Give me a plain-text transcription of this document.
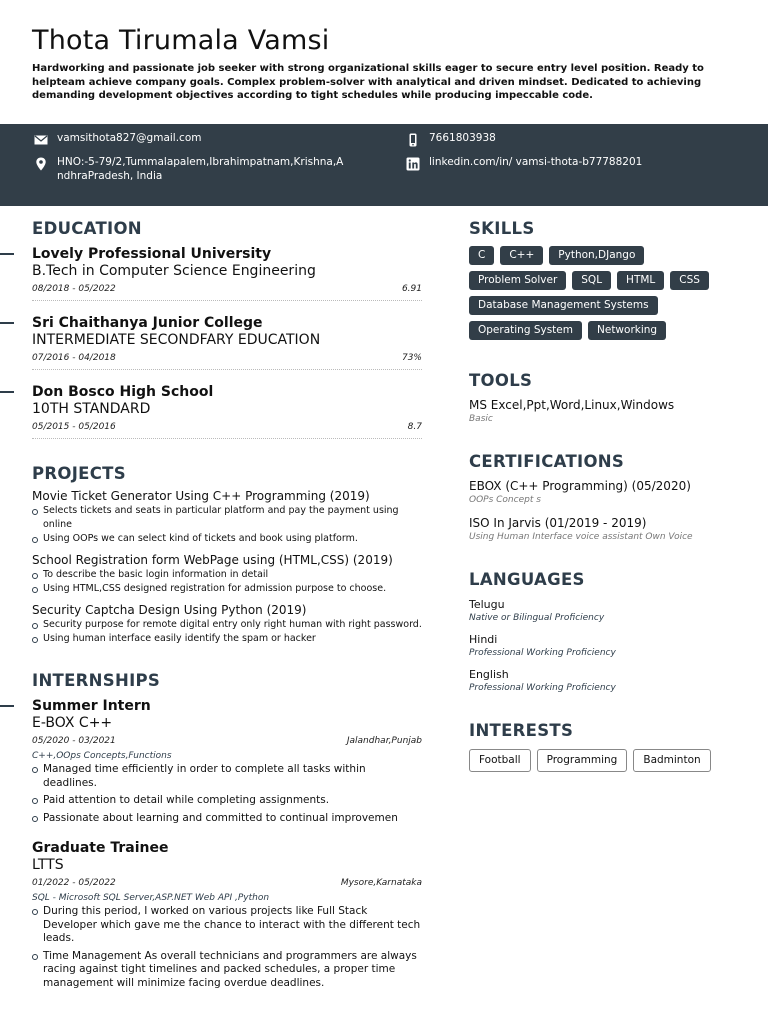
Thota Tirumala Vamsi
Hardworking and passionate job seeker with strong organizational skills eager to secure entry level position. Ready to helpteam achieve company goals. Complex problem-solver with analytical and driven mindset. Dedicated to achieving demanding development objectives according to tight schedules while producing impeccable code.
vamsithota827@gmail.com	7661803938
HNO:-5-79/2,Tummalapalem,Ibrahimpatnam,Krishna,AndhraPradesh, India
linkedin.com/in/ vamsi-thota-b77788201
EDUCATION
Lovely Professional University
B.Tech in Computer Science Engineering
08/2018 - 05/2022	6.91
Sri Chaithanya Junior College
INTERMEDIATE SECONDFARY EDUCATION
07/2016 - 04/2018	73%
Don Bosco High School
10TH STANDARD
05/2015 - 05/2016	8.7
PROJECTS
Movie Ticket Generator Using C++ Programming (2019)
Selects tickets and seats in particular platform and pay the payment using online
Using OOPs we can select kind of tickets and book using platform.
School Registration form WebPage using (HTML,CSS) (2019)
To describe the basic login information in detail
Using HTML,CSS designed registration for admission purpose to choose.
Security Captcha Design Using Python (2019)
Security purpose for remote digital entry only right human with right password.
Using human interface easily identify the spam or hacker
INTERNSHIPS
Summer Intern
E-BOX C++
05/2020 - 03/2021	Jalandhar,Punjab
C++,OOps Concepts,Functions
Managed time efficiently in order to complete all tasks within deadlines.
Paid attention to detail while completing assignments.
Passionate about learning and committed to continual improvemen
Graduate Trainee
LTTS
01/2022 - 05/2022	Mysore,Karnataka
SQL - Microsoft SQL Server,ASP.NET Web API ,Python
During this period, I worked on various projects like Full Stack Developer which gave me the chance to interact with the different tech leads.
Time Management As overall technicians and programmers are always racing against tight timelines and packed schedules, a proper time management will minimize facing overdue deadlines.
SKILLS
C	C++	Python,DJango
Problem Solver	SQL	HTML	CSS
Database Management Systems
Operating System	Networking
TOOLS
MS Excel,Ppt,Word,Linux,Windows
Basic
CERTIFICATIONS
EBOX (C++ Programming) (05/2020)
OOPs Concept s
ISO In Jarvis (01/2019 - 2019)
Using Human Interface voice assistant Own Voice
LANGUAGES
Telugu
Native or Bilingual Proficiency
Hindi
Professional Working Proficiency
English
Professional Working Proficiency
INTERESTS
Football	Programming	Badminton
